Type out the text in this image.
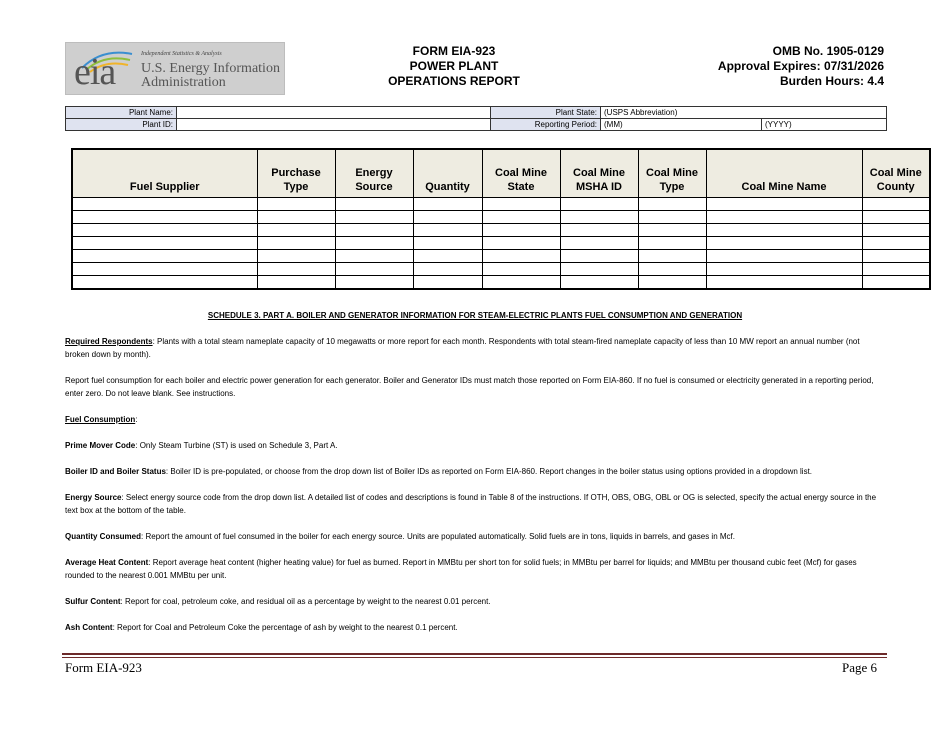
eia	Independent Statistics & Analysis
U.S. Energy Information
Administration
FORM EIA-923
POWER PLANT
OPERATIONS REPORT
OMB No. 1905-0129
Approval Expires: 07/31/2026
Burden Hours: 4.4
Plant Name:		Plant State:	(USPS Abbreviation)	
Plant ID:		Reporting Period:	(MM)	(YYYY)
Fuel Supplier	Purchase Type	Energy Source	Quantity	Coal Mine State	Coal Mine MSHA ID	Coal Mine Type	Coal Mine Name	Coal Mine County

SCHEDULE 3. PART A. BOILER AND GENERATOR INFORMATION FOR STEAM-ELECTRIC PLANTS FUEL CONSUMPTION AND GENERATION

Required Respondents: Plants with a total steam nameplate capacity of 10 megawatts or more report for each month. Respondents with total steam-fired nameplate capacity of less than 10 MW report an annual number (not broken down by month).

Report fuel consumption for each boiler and electric power generation for each generator. Boiler and Generator IDs must match those reported on Form EIA-860. If no fuel is consumed or electricity generated in a reporting period, enter zero. Do not leave blank. See instructions.

Fuel Consumption:

Prime Mover Code: Only Steam Turbine (ST) is used on Schedule 3, Part A.

Boiler ID and Boiler Status: Boiler ID is pre-populated, or choose from the drop down list of Boiler IDs as reported on Form EIA-860. Report changes in the boiler status using options provided in a dropdown list.

Energy Source: Select energy source code from the drop down list. A detailed list of codes and descriptions is found in Table 8 of the instructions. If OTH, OBS, OBG, OBL or OG is selected, specify the actual energy source in the text box at the bottom of the table.

Quantity Consumed: Report the amount of fuel consumed in the boiler for each energy source. Units are populated automatically. Solid fuels are in tons, liquids in barrels, and gases in Mcf.

Average Heat Content: Report average heat content (higher heating value) for fuel as burned. Report in MMBtu per short ton for solid fuels; in MMBtu per barrel for liquids; and MMBtu per thousand cubic feet (Mcf) for gases rounded to the nearest 0.001 MMBtu per unit.

Sulfur Content: Report for coal, petroleum coke, and residual oil as a percentage by weight to the nearest 0.01 percent.

Ash Content: Report for Coal and Petroleum Coke the percentage of ash by weight to the nearest 0.1 percent.

Form EIA-923	Page 6
